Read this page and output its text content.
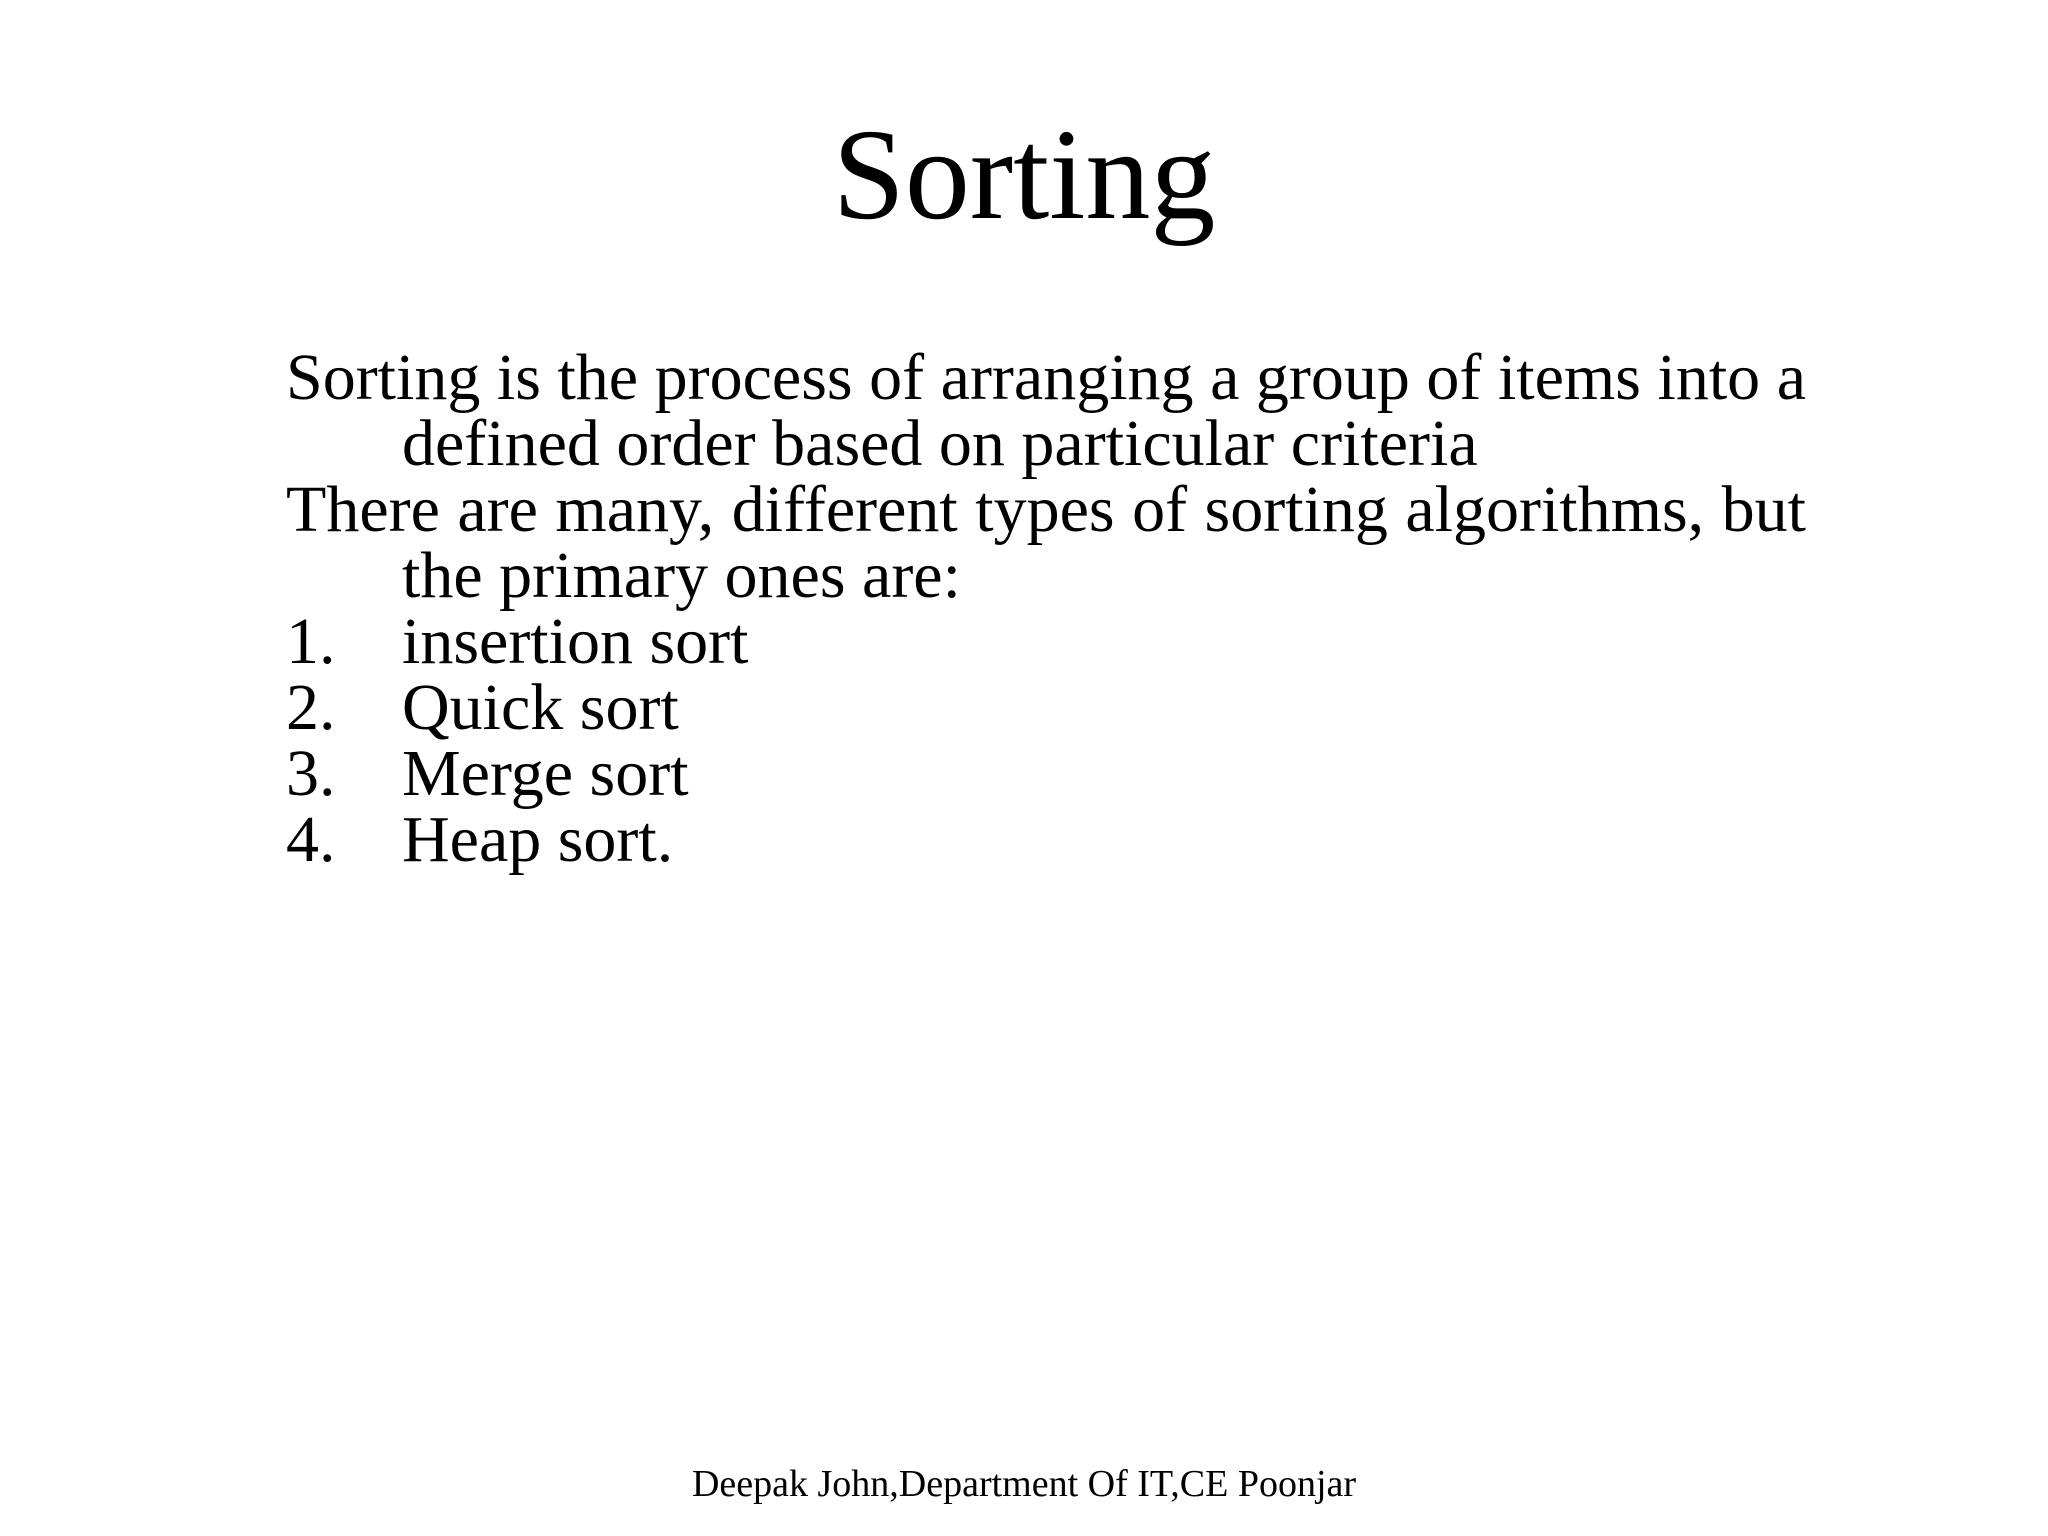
Sorting
Sorting is the process of arranging a group of items into a defined order based on particular criteria
There are many, different types of sorting algorithms, but the primary ones are:
1. insertion sort
2. Quick sort
3. Merge sort
4. Heap sort.
Deepak John,Department Of IT,CE Poonjar
